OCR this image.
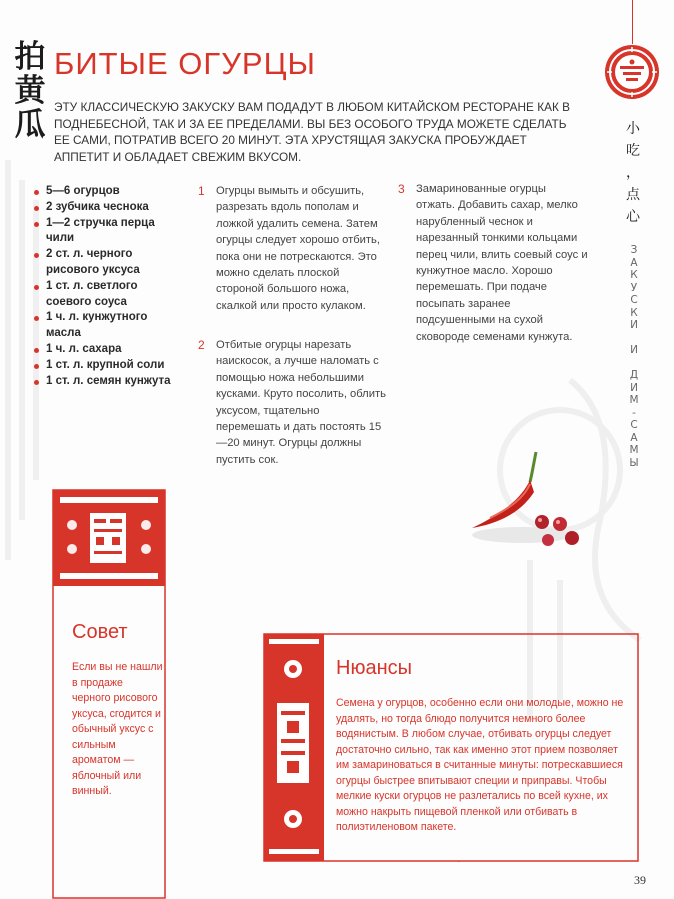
拍
黄
瓜
БИТЫЕ ОГУРЦЫ

ЭТУ КЛАССИЧЕСКУЮ ЗАКУСКУ ВАМ ПОДАДУТ В ЛЮБОМ КИТАЙСКОМ РЕСТОРАНЕ КАК В ПОДНЕБЕСНОЙ, ТАК И ЗА ЕЕ ПРЕДЕЛАМИ. ВЫ БЕЗ ОСОБОГО ТРУДА МОЖЕТЕ СДЕЛАТЬ ЕЕ САМИ, ПОТРАТИВ ВСЕГО 20 МИНУТ. ЭТА ХРУСТЯЩАЯ ЗАКУСКА ПРОБУЖДАЕТ АППЕТИТ И ОБЛАДАЕТ СВЕЖИМ ВКУСОМ.

5—6 огурцов
2 зубчика чеснока
1—2 стручка перца чили
2 ст. л. черного рисового уксуса
1 ст. л. светлого соевого соуса
1 ч. л. кунжутного масла
1 ч. л. сахара
1 ст. л. крупной соли
1 ст. л. семян кунжута
1 Огурцы вымыть и обсушить, разрезать вдоль пополам и ложкой удалить семена. Затем огурцы следует хорошо отбить, пока они не потрескаются. Это можно сделать плоской стороной большого ножа, скалкой или просто кулаком.
2 Отбитые огурцы нарезать наискосок, а лучше наломать с помощью ножа небольшими кусками. Круто посолить, облить уксусом, тщательно перемешать и дать постоять 15—20 минут. Огурцы должны пустить сок.
3 Замаринованные огурцы отжать. Добавить сахар, мелко нарубленный чеснок и нарезанный тонкими кольцами перец чили, влить соевый соус и кунжутное масло. Хорошо перемешать. При подаче посыпать заранее подсушенными на сухой сковороде семенами кунжута.
小
吃
，
点
心
З
А
К
У
С
К
И

И

Д
И
М
-
С
А
М
Ы
Совет
Если вы не нашли в продаже черного рисового уксуса, сгодится и обычный уксус с сильным ароматом — яблочный или винный.
Нюансы
Семена у огурцов, особенно если они молодые, можно не удалять, но тогда блюдо получится немного более водянистым. В любом случае, отбивать огурцы следует достаточно сильно, так как именно этот прием позволяет им замариноваться в считанные минуты: потрескавшиеся огурцы быстрее впитывают специи и приправы. Чтобы мелкие куски огурцов не разлетались по всей кухне, их можно накрыть пищевой пленкой или отбивать в полиэтиленовом пакете.
39
